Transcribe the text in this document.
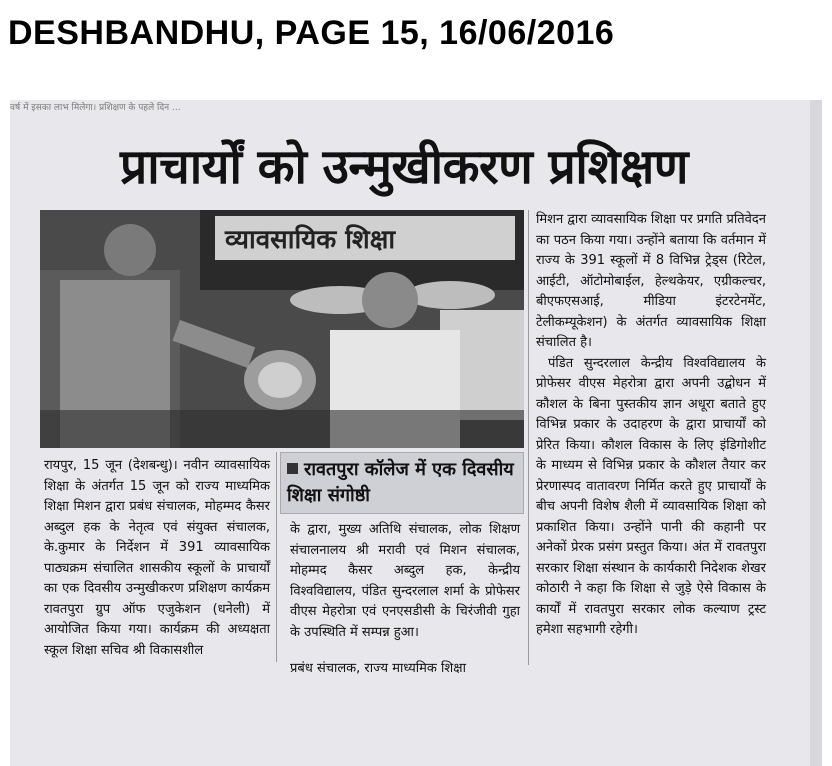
DESHBANDHU, PAGE 15, 16/06/2016
वर्ष में इसका लाभ मिलेगा। प्रशिक्षण के पहले दिन ...
प्राचार्यों को उन्मुखीकरण प्रशिक्षण
व्यावसायिक शिक्षा

रायपुर, 15 जून (देशबन्धु)। नवीन व्यावसायिक शिक्षा के अंतर्गत 15 जून को राज्य माध्यमिक शिक्षा मिशन द्वारा प्रबंध संचालक, मोहम्मद कैसर अब्दुल हक के नेतृत्व एवं संयुक्त संचालक, के.कुमार के निर्देशन में 391 व्यावसायिक पाठ्यक्रम संचालित शासकीय स्कूलों के प्राचार्यों का एक दिवसीय उन्मुखीकरण प्रशिक्षण कार्यक्रम रावतपुरा ग्रुप ऑफ एजुकेशन (धनेली) में आयोजित किया गया। कार्यक्रम की अध्यक्षता स्कूल शिक्षा सचिव श्री विकासशील

रावतपुरा कॉलेज में एक दिवसीय शिक्षा संगोष्ठी

के द्वारा, मुख्य अतिथि संचालक, लोक शिक्षण संचालनालय श्री मरावी एवं मिशन संचालक, मोहम्मद कैसर अब्दुल हक, केन्द्रीय विश्वविद्यालय, पंडित सुन्दरलाल शर्मा के प्रोफेसर वीएस मेहरोत्रा एवं एनएसडीसी के चिरंजीवी गुहा के उपस्थिति में सम्पन्न हुआ।

प्रबंध संचालक, राज्य माध्यमिक शिक्षा

मिशन द्वारा व्यावसायिक शिक्षा पर प्रगति प्रतिवेदन का पठन किया गया। उन्होंने बताया कि वर्तमान में राज्य के 391 स्कूलों में 8 विभिन्न ट्रेड्स (रिटेल, आईटी, ऑटोमोबाईल, हेल्थकेयर, एग्रीकल्चर, बीएफएसआई, मीडिया इंटरटेनमेंट, टेलीकम्यूकेशन) के अंतर्गत व्यावसायिक शिक्षा संचालित है।

पंडित सुन्दरलाल केन्द्रीय विश्वविद्यालय के प्रोफेसर वीएस मेहरोत्रा द्वारा अपनी उद्बोधन में कौशल के बिना पुस्तकीय ज्ञान अधूरा बताते हुए विभिन्न प्रकार के उदाहरण के द्वारा प्राचार्यों को प्रेरित किया। कौशल विकास के लिए इंडिगोशीट के माध्यम से विभिन्न प्रकार के कौशल तैयार कर प्रेरणास्पद वातावरण निर्मित करते हुए प्राचार्यों के बीच अपनी विशेष शैली में व्यावसायिक शिक्षा को प्रकाशित किया। उन्होंने पानी की कहानी पर अनेकों प्रेरक प्रसंग प्रस्तुत किया। अंत में रावतपुरा सरकार शिक्षा संस्थान के कार्यकारी निदेशक शेखर कोठारी ने कहा कि शिक्षा से जुड़े ऐसे विकास के कार्यों में रावतपुरा सरकार लोक कल्याण ट्रस्ट हमेशा सहभागी रहेगी।
